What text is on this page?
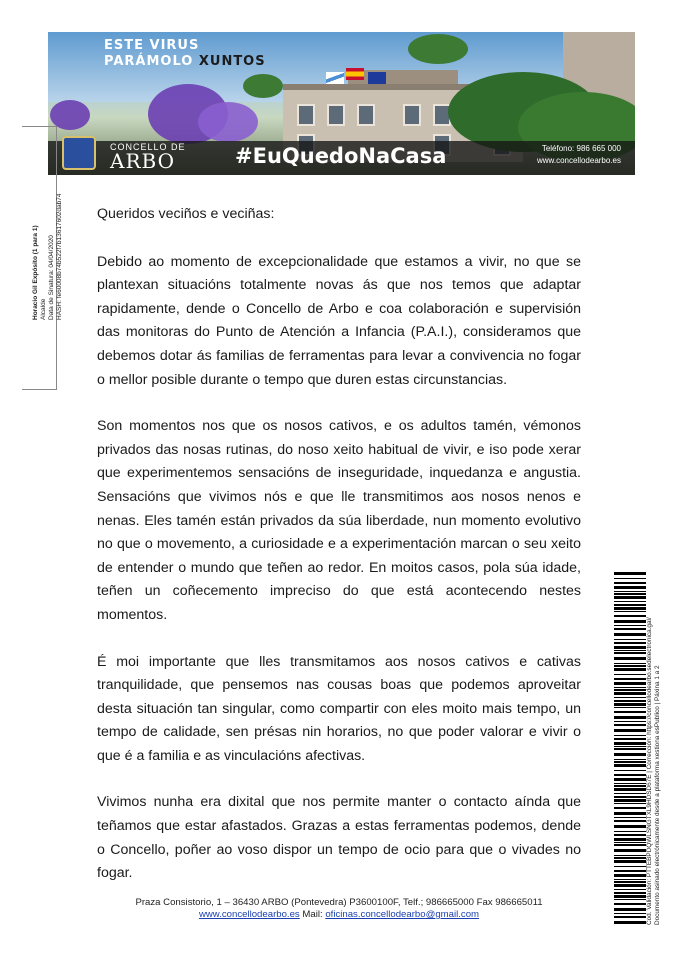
ESTE VIRUS
PARÁMOLO XUNTOS
CONCELLO DE
ARBO	#EuQuedoNaCasa	Teléfono: 986 665 000
www.concellodearbo.es
Horacio Gil Expósito (1 para 1) Alcalde Data de Sinatura: 04/04/2020 HASH: fe60008b74b522f7b13617602dab74 Queridos veciños e veciñas:

Debido ao momento de excepcionalidade que estamos a vivir, no que se plantexan situacións totalmente novas ás que nos temos que adaptar rapidamente, dende o Concello de Arbo e coa colaboración e supervisión das monitoras do Punto de Atención a Infancia (P.A.I.), consideramos que debemos dotar ás familias de ferramentas para levar a convivencia no fogar o mellor posible durante o tempo que duren estas circunstancias.

Son momentos nos que os nosos cativos, e os adultos tamén, vémonos privados das nosas rutinas, do noso xeito habitual de vivir, e iso pode xerar que experimentemos sensacións de inseguridade, inquedanza e angustia. Sensacións que vivimos nós e que lle transmitimos aos nosos nenos e nenas. Eles tamén están privados da súa liberdade, nun momento evolutivo no que o movemento, a curiosidade e a experimentación marcan o seu xeito de entender o mundo que teñen ao redor. En moitos casos, pola súa idade, teñen un coñecemento impreciso do que está acontecendo nestes momentos.

É moi importante que lles transmitamos aos nosos cativos e cativas tranquilidade, que pensemos nas cousas boas que podemos aproveitar desta situación tan singular, como compartir con eles moito mais tempo, un tempo de calidade, sen présas nin horarios, no que poder valorar e vivir o que é a familia e as vinculacións afectivas.

Vivimos nunha era dixital que nos permite manter o contacto aínda que teñamos que estar afastados. Grazas a estas ferramentas podemos, dende o Concello, poñer ao voso dispor un tempo de ocio para que o vivades no fogar.	Cod. Validación: PTTEBPDQWLSNGTXL9HDSD67E | Corrección: https://concellodearbo.sedelectronica.gal/ Documento asinado electrónicamente desde a plataforma xestiona esPublico | Páxina 1 a 2
Praza Consistorio, 1 – 36430 ARBO (Pontevedra) P3600100F, Telf.; 986665000 Fax 986665011
www.concellodearbo.es Mail: oficinas.concellodearbo@gmail.com
